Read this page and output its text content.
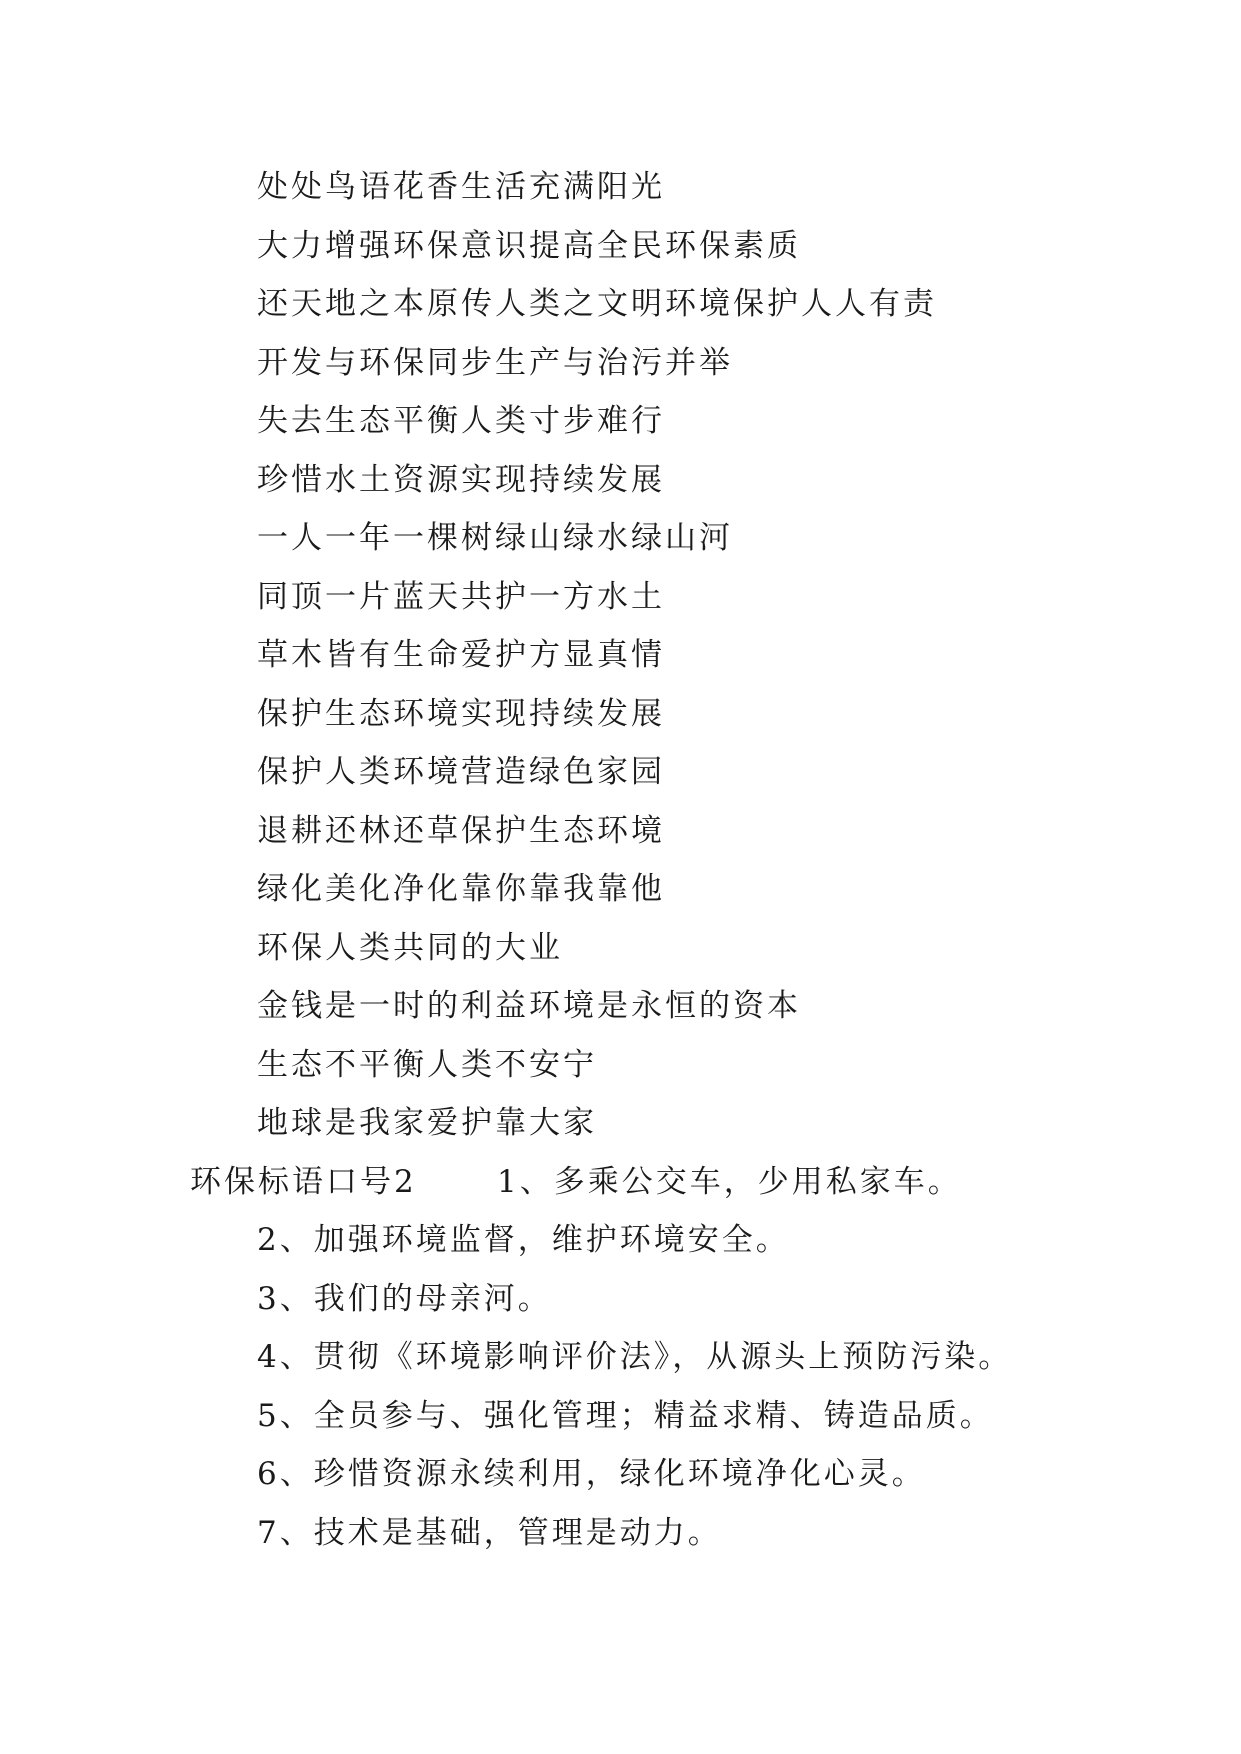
处处鸟语花香生活充满阳光
大力增强环保意识提高全民环保素质
还天地之本原传人类之文明环境保护人人有责
开发与环保同步生产与治污并举
失去生态平衡人类寸步难行
珍惜水土资源实现持续发展
一人一年一棵树绿山绿水绿山河
同顶一片蓝天共护一方水土
草木皆有生命爱护方显真情
保护生态环境实现持续发展
保护人类环境营造绿色家园
退耕还林还草保护生态环境
绿化美化净化靠你靠我靠他
环保人类共同的大业
金钱是一时的利益环境是永恒的资本
生态不平衡人类不安宁
地球是我家爱护靠大家
环保标语口号2	1、多乘公交车，少用私家车。
2、加强环境监督，维护环境安全。
3、我们的母亲河。
4、贯彻《环境影响评价法》，从源头上预防污染。
5、全员参与、强化管理；精益求精、铸造品质。
6、珍惜资源永续利用，绿化环境净化心灵。
7、技术是基础，管理是动力。
